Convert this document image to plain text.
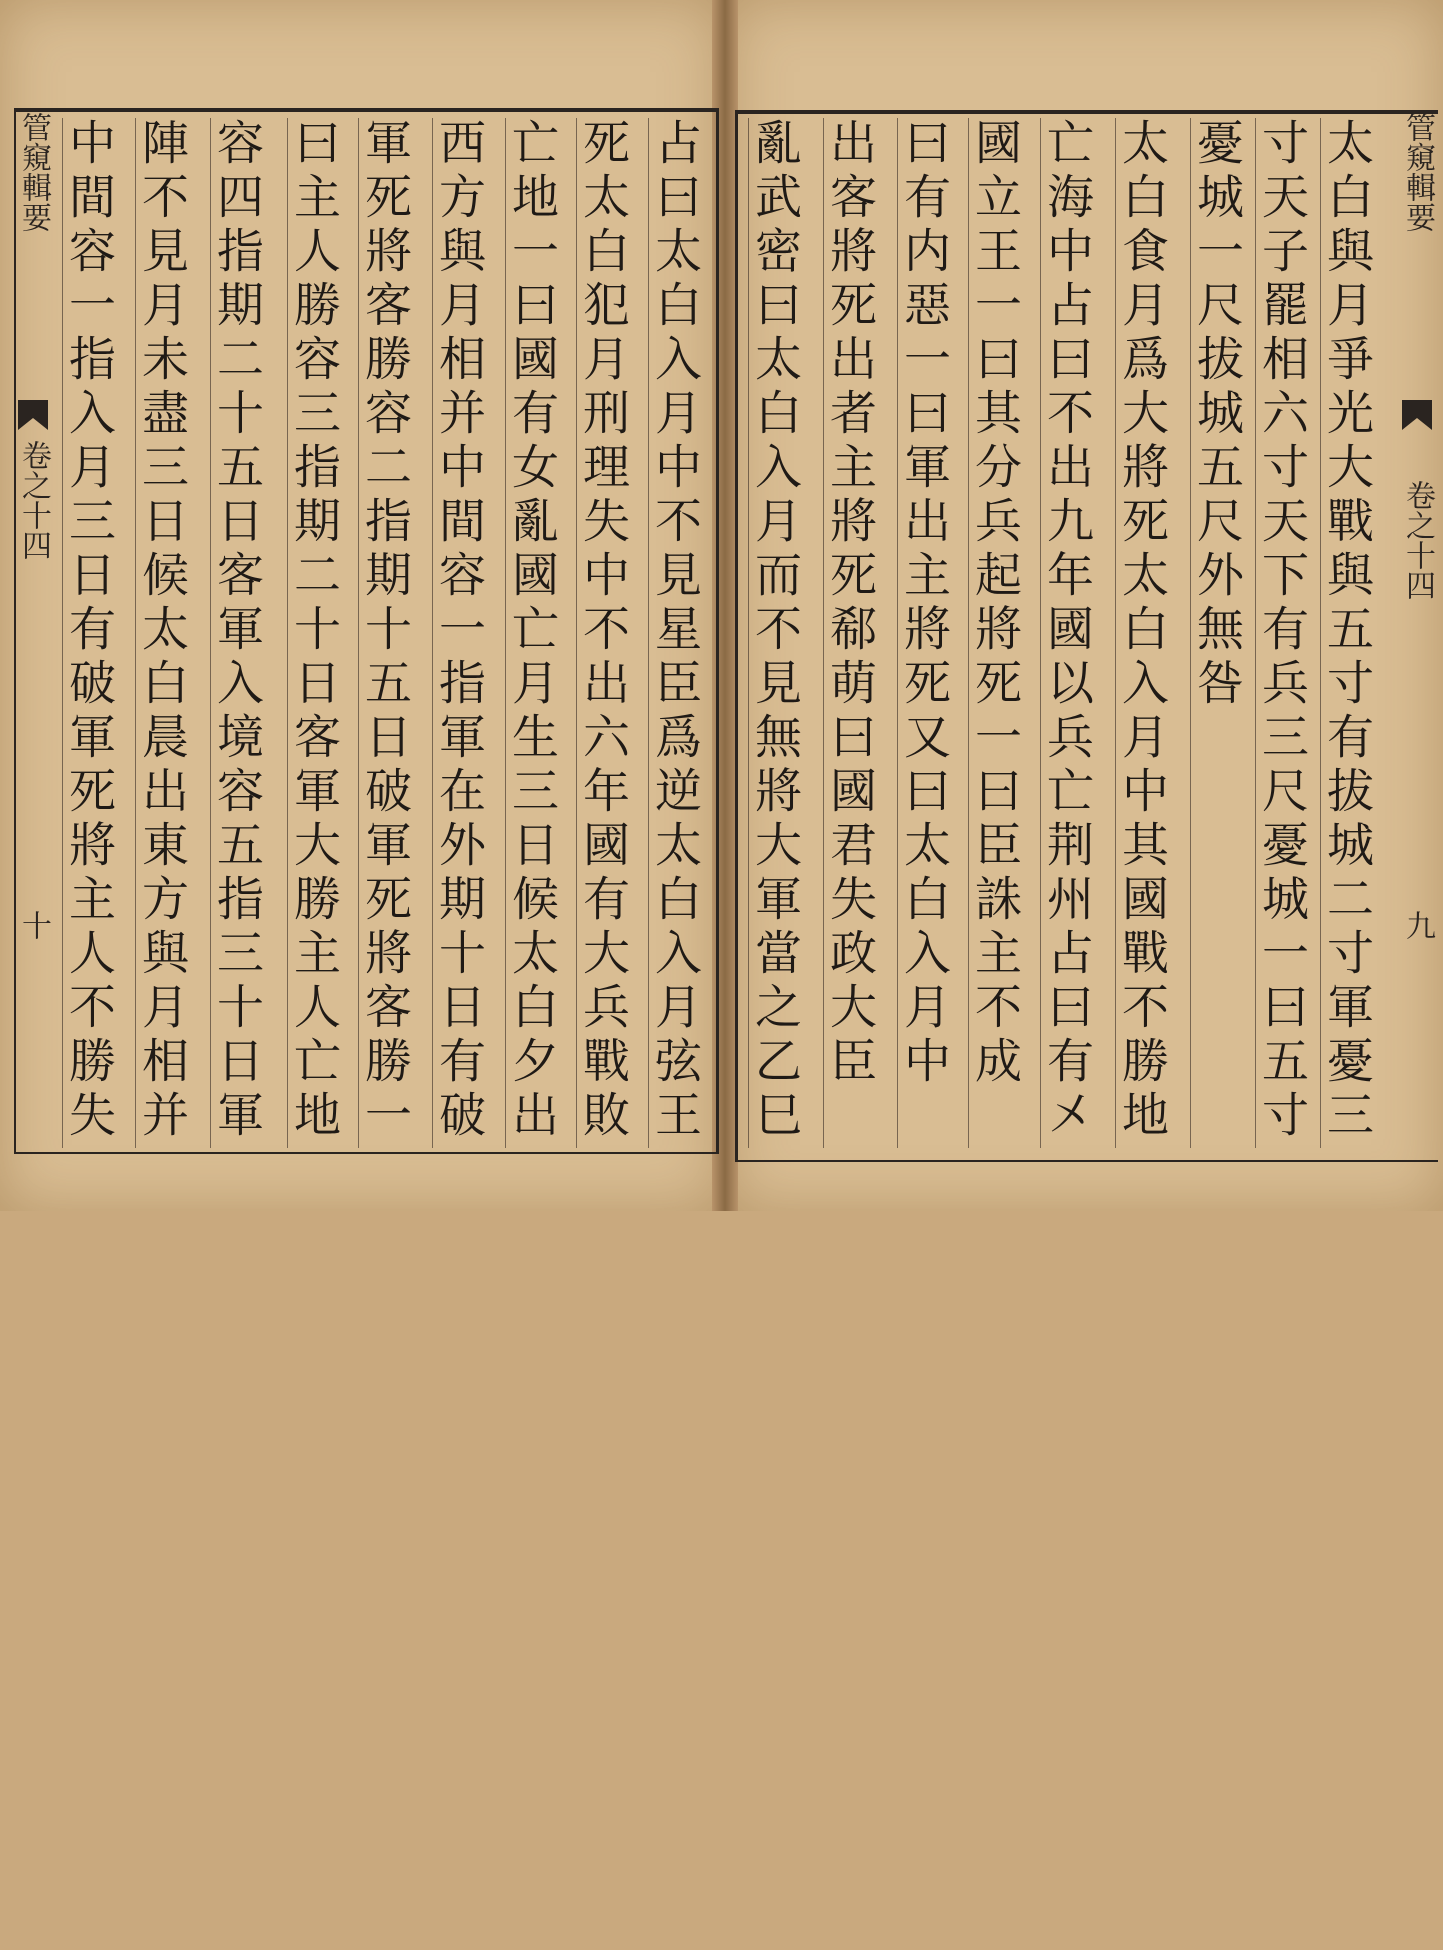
太白與月爭光大戰與五寸有拔城二寸軍憂三
寸天子罷相六寸天下有兵三尺憂城一曰五寸
憂城一尺拔城五尺外無咎
太白食月爲大將死太白入月中其國戰不勝地
亡海中占曰不出九年國以兵亡荆州占曰有㐅
國立王一曰其分兵起將死一曰臣誅主不成
曰有内惡一曰軍出主將死又曰太白入月中
出客將死出者主將死郗萌曰國君失政大臣
亂武密曰太白入月而不見無將大軍當之乙巳	管窺輯要
卷之十四
九
占曰太白入月中不見星臣爲逆太白入月弦王
死太白犯月刑理失中不出六年國有大兵戰敗
亡地一曰國有女亂國亡月生三日候太白夕出
西方與月相并中間容一指軍在外期十日有破
軍死將客勝容二指期十五日破軍死將客勝一
曰主人勝容三指期二十日客軍大勝主人亡地
容四指期二十五日客軍入境容五指三十日軍
陣不見月未盡三日候太白晨出東方與月相并
中間容一指入月三日有破軍死將主人不勝失
管窺輯要
卷之十四
十
